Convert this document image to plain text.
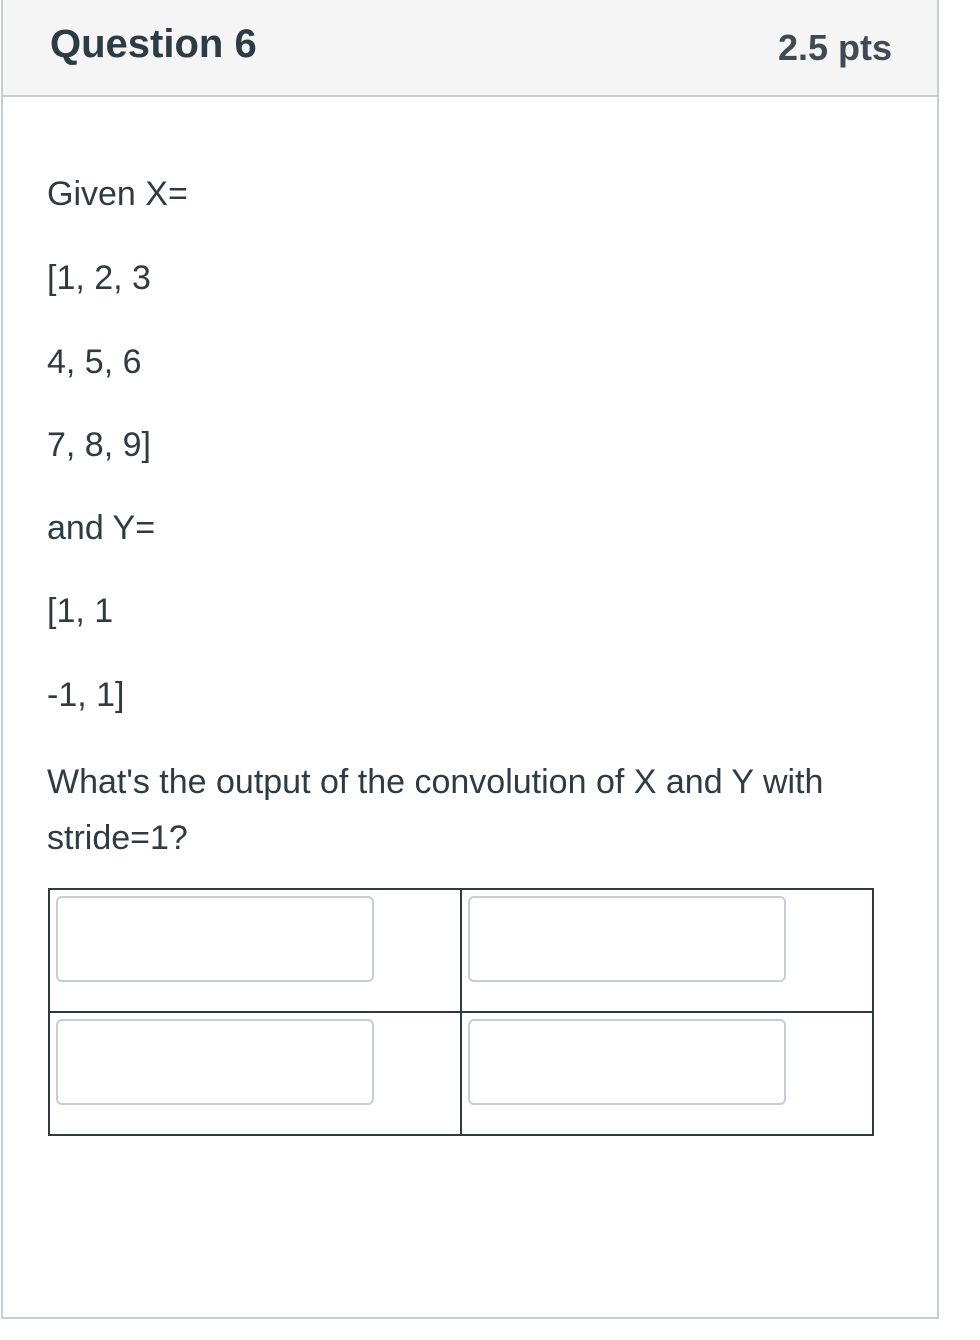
Question 6	2.5 pts
Given X=
[1, 2, 3
4, 5, 6
7, 8, 9]
and Y=
[1, 1
-1, 1]
What's the output of the convolution of X and Y with stride=1?
